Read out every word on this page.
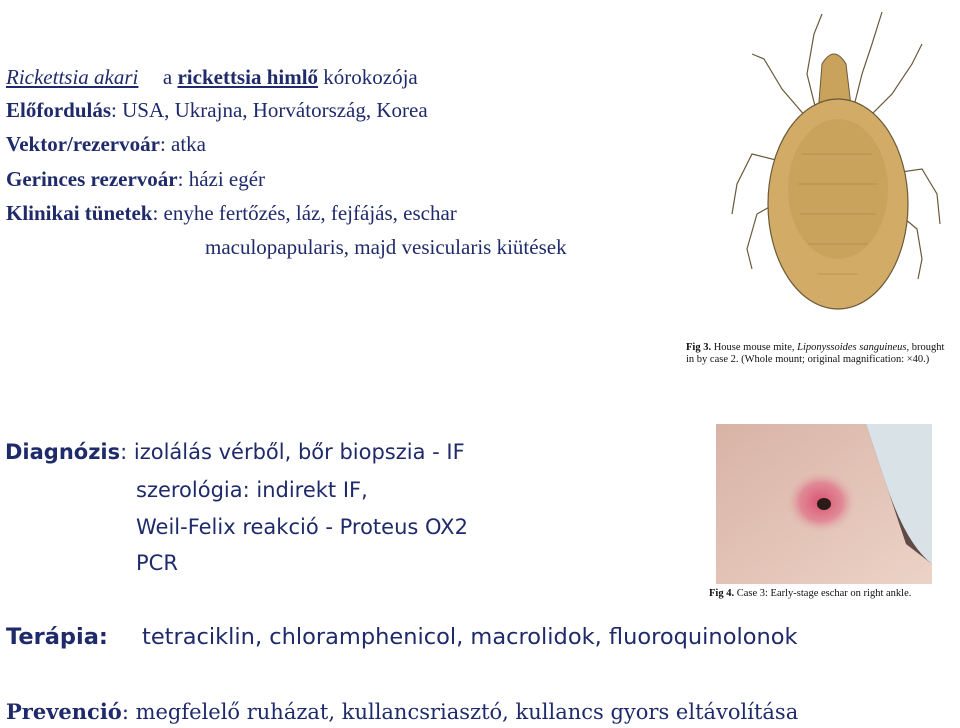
Rickettsia akari a rickettsia himlő kórokozója
Előfordulás: USA, Ukrajna, Horvátország, Korea
Vektor/rezervoár: atka
Gerinces rezervoár: házi egér
Klinikai tünetek: enyhe fertőzés, láz, fejfájás, eschar
maculopapularis, majd vesicularis kiütések
Fig 3. House mouse mite, Liponyssoides sanguineus, brought in by case 2. (Whole mount; original magnification: ×40.)
Diagnózis: izolálás vérből, bőr biopszia - IF
szerológia: indirekt IF,
Weil-Felix reakció - Proteus OX2
PCR
Fig 4. Case 3: Early-stage eschar on right ankle.
Terápia: tetraciklin, chloramphenicol, macrolidok, fluoroquinolonok
Prevenció: megfelelő ruházat, kullancsriasztó, kullancs gyors eltávolítása
